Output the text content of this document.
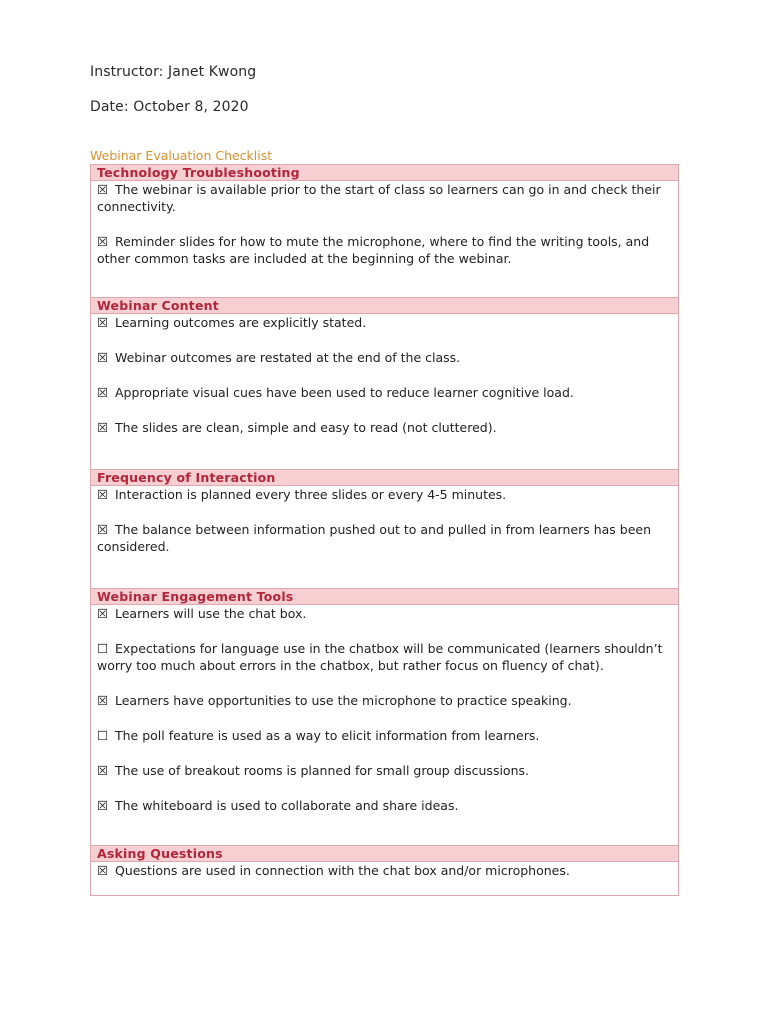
Instructor: Janet Kwong
Date: October 8, 2020
Webinar Evaluation Checklist
Technology Troubleshooting

☒ The webinar is available prior to the start of class so learners can go in and check their connectivity.

☒ Reminder slides for how to mute the microphone, where to find the writing tools, and other common tasks are included at the beginning of the webinar.

Webinar Content

☒ Learning outcomes are explicitly stated.

☒ Webinar outcomes are restated at the end of the class.

☒ Appropriate visual cues have been used to reduce learner cognitive load.

☒ The slides are clean, simple and easy to read (not cluttered).

Frequency of Interaction

☒ Interaction is planned every three slides or every 4-5 minutes.

☒ The balance between information pushed out to and pulled in from learners has been considered.

Webinar Engagement Tools

☒ Learners will use the chat box.

☐ Expectations for language use in the chatbox will be communicated (learners shouldn’t worry too much about errors in the chatbox, but rather focus on fluency of chat).

☒ Learners have opportunities to use the microphone to practice speaking.

☐ The poll feature is used as a way to elicit information from learners.

☒ The use of breakout rooms is planned for small group discussions.

☒ The whiteboard is used to collaborate and share ideas.

Asking Questions

☒ Questions are used in connection with the chat box and/or microphones.
